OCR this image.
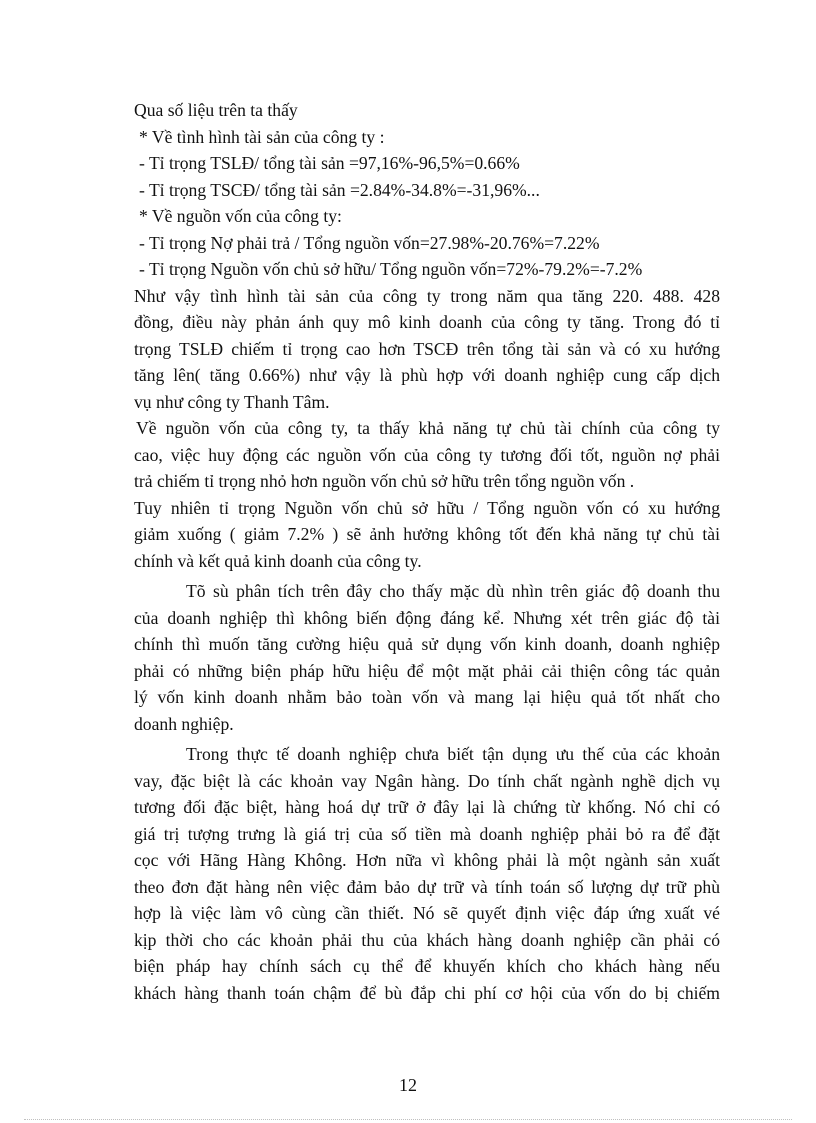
Qua số liệu trên ta thấy
* Về tình hình tài sản của công ty :
- Tỉ trọng TSLĐ/ tổng tài sản =97,16%-96,5%=0.66%
- Tỉ trọng TSCĐ/ tổng tài sản =2.84%-34.8%=-31,96%...
* Về nguồn vốn của công ty:
- Tỉ trọng Nợ phải trả / Tổng nguồn vốn=27.98%-20.76%=7.22%
- Tỉ trọng Nguồn vốn chủ sở hữu/ Tổng nguồn vốn=72%-79.2%=-7.2%
Như vậy tình hình tài sản của công ty trong năm qua tăng 220. 488. 428
đồng, điều này phản ánh quy mô kinh doanh của công ty tăng. Trong đó tỉ
trọng TSLĐ chiếm tỉ trọng cao hơn TSCĐ trên tổng tài sản và có xu hướng
tăng lên( tăng 0.66%) như vậy là phù hợp với doanh nghiệp cung cấp dịch
vụ như công ty Thanh Tâm.
Về nguồn vốn của công ty, ta thấy khả năng tự chủ tài chính của công ty
cao, việc huy động các nguồn vốn của công ty tương đối tốt, nguồn nợ phải
trả chiếm tỉ trọng nhỏ hơn nguồn vốn chủ sở hữu trên tổng nguồn vốn .
Tuy nhiên tỉ trọng Nguồn vốn chủ sở hữu / Tổng nguồn vốn có xu hướng
giảm xuống ( giảm 7.2% ) sẽ ảnh hưởng không tốt đến khả năng tự chủ tài
chính và kết quả kinh doanh của công ty.
Tõ sù phân tích trên đây cho thấy mặc dù nhìn trên giác độ doanh thu
của doanh nghiệp thì không biến động đáng kể. Nhưng xét trên giác độ tài
chính thì muốn tăng cường hiệu quả sử dụng vốn kinh doanh, doanh nghiệp
phải có những biện pháp hữu hiệu để một mặt phải cải thiện công tác quản
lý vốn kinh doanh nhằm bảo toàn vốn và mang lại hiệu quả tốt nhất cho
doanh nghiệp.
Trong thực tế doanh nghiệp chưa biết tận dụng ưu thế của các khoản
vay, đặc biệt là các khoản vay Ngân hàng. Do tính chất ngành nghề dịch vụ
tương đối đặc biệt, hàng hoá dự trữ ở đây lại là chứng từ khống. Nó chỉ có
giá trị tượng trưng là giá trị của số tiền mà doanh nghiệp phải bỏ ra để đặt
cọc với Hãng Hàng Không. Hơn nữa vì không phải là một ngành sản xuất
theo đơn đặt hàng nên việc đảm bảo dự trữ và tính toán số lượng dự trữ phù
hợp là việc làm vô cùng cần thiết. Nó sẽ quyết định việc đáp ứng xuất vé
kịp thời cho các khoản phải thu của khách hàng doanh nghiệp cần phải có
biện pháp hay chính sách cụ thể để khuyến khích cho khách hàng nếu
khách hàng thanh toán chậm để bù đắp chi phí cơ hội của vốn do bị chiếm
12
